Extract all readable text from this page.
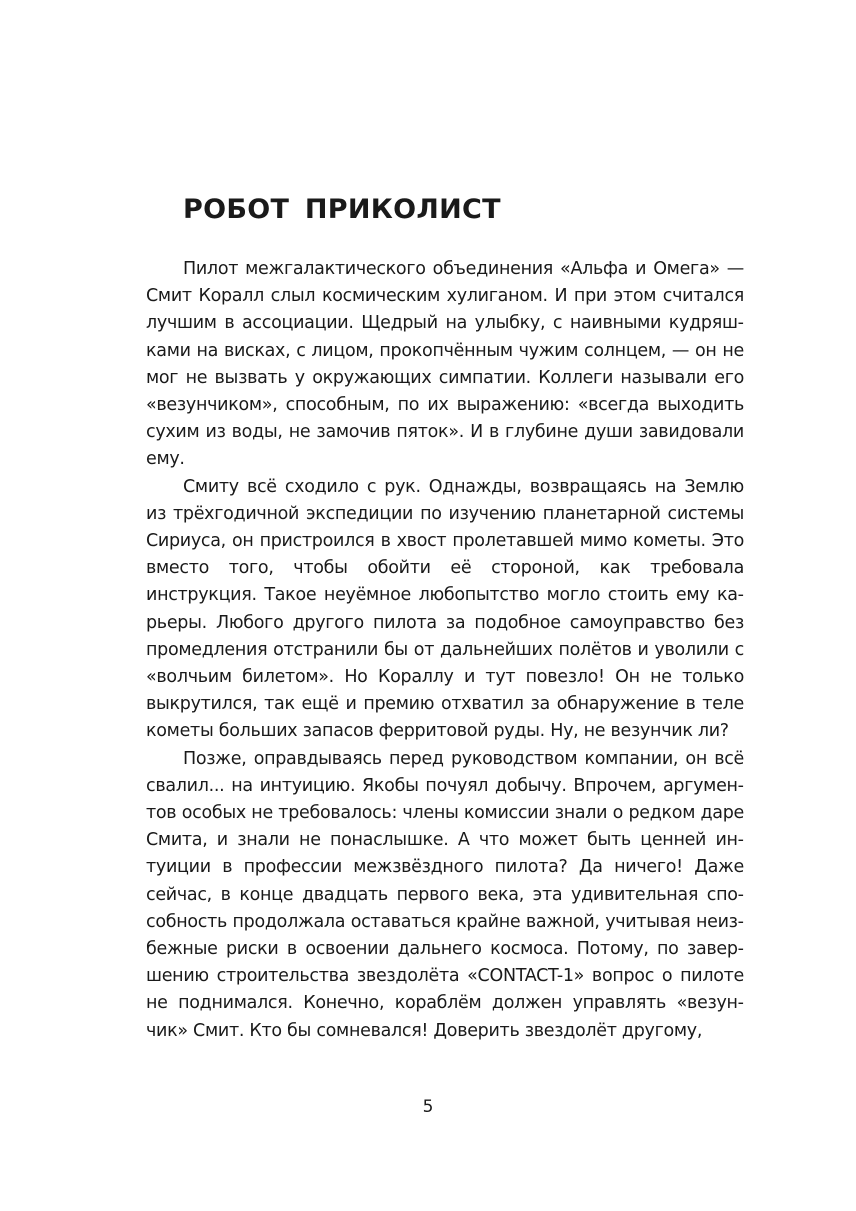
РОБОТ ПРИКОЛИСТ

Пилот межгалактического объединения «Альфа и Омега» — Смит Коралл слыл космическим хулиганом. И при этом считался лучшим в ассоциации. Щедрый на улыбку, с наивными кудряшками на висках, с лицом, прокопчённым чужим солнцем, — он не мог не вызвать у окружающих симпатии. Коллеги называли его «везунчиком», способным, по их выражению: «всегда выходить сухим из воды, не замочив пяток». И в глубине души завидовали ему.

Смиту всё сходило с рук. Однажды, возвращаясь на Землю из трёхгодичной экспедиции по изучению планетарной системы Сириуса, он пристроился в хвост пролетавшей мимо кометы. Это вместо того, чтобы обойти её стороной, как требовала инструкция. Такое неуёмное любопытство могло стоить ему карьеры. Любого другого пилота за подобное самоуправство без промедления отстранили бы от дальнейших полётов и уволили с «волчьим билетом». Но Кораллу и тут повезло! Он не только выкрутился, так ещё и премию отхватил за обнаружение в теле кометы больших запасов ферритовой руды. Ну, не везунчик ли?

Позже, оправдываясь перед руководством компании, он всё свалил... на интуицию. Якобы почуял добычу. Впрочем, аргументов особых не требовалось: члены комиссии знали о редком даре Смита, и знали не понаслышке. А что может быть ценней интуиции в профессии межзвёздного пилота? Да ничего! Даже сейчас, в конце двадцать первого века, эта удивительная способность продолжала оставаться крайне важной, учитывая неизбежные риски в освоении дальнего космоса. Потому, по завершению строительства звездолёта «CONTACT-1» вопрос о пилоте не поднимался. Конечно, кораблём должен управлять «везунчик» Смит. Кто бы сомневался! Доверить звездолёт другому,

5
